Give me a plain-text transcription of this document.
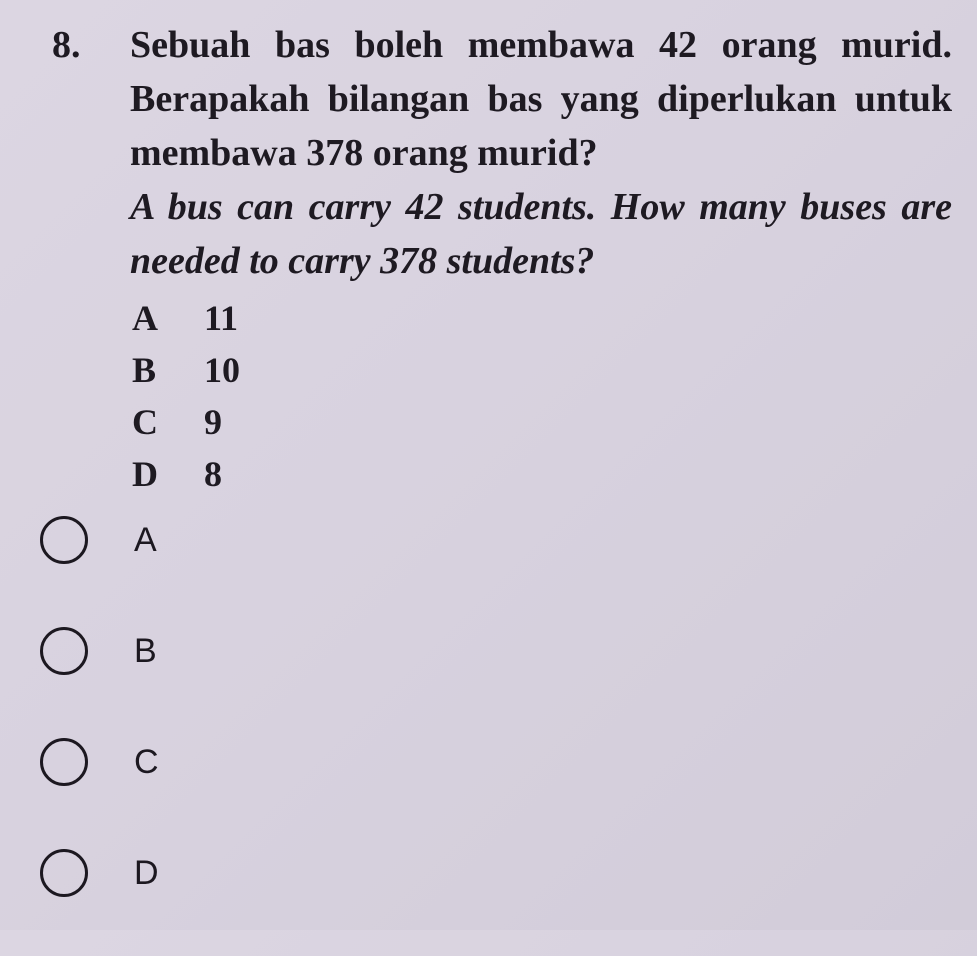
8.	Sebuah bas boleh membawa 42 orang murid. Berapakah bilangan bas yang diperlukan untuk membawa 378 orang murid?

A bus can carry 42 students. How many buses are needed to carry 378 students?

A	11
B	10
C	9
D	8
A
B
C
D
